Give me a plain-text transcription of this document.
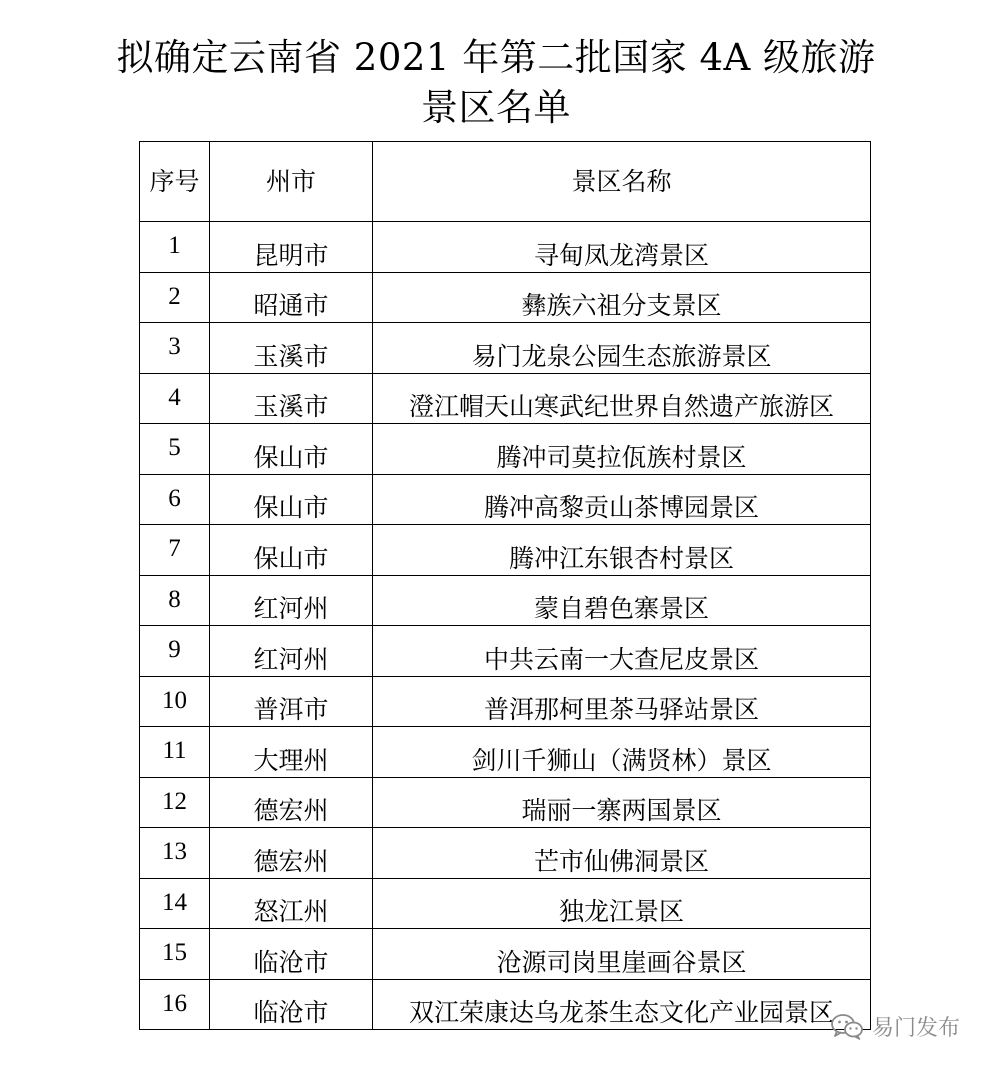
拟确定云南省 2021 年第二批国家 4A 级旅游
景区名单
序号	州市	景区名称
1	昆明市	寻甸凤龙湾景区
2	昭通市	彝族六祖分支景区
3	玉溪市	易门龙泉公园生态旅游景区
4	玉溪市	澄江帽天山寒武纪世界自然遗产旅游区
5	保山市	腾冲司莫拉佤族村景区
6	保山市	腾冲高黎贡山茶博园景区
7	保山市	腾冲江东银杏村景区
8	红河州	蒙自碧色寨景区
9	红河州	中共云南一大查尼皮景区
10	普洱市	普洱那柯里茶马驿站景区
11	大理州	剑川千狮山（满贤林）景区
12	德宏州	瑞丽一寨两国景区
13	德宏州	芒市仙佛洞景区
14	怒江州	独龙江景区
15	临沧市	沧源司岗里崖画谷景区
16	临沧市	双江荣康达乌龙茶生态文化产业园景区
易门发布
